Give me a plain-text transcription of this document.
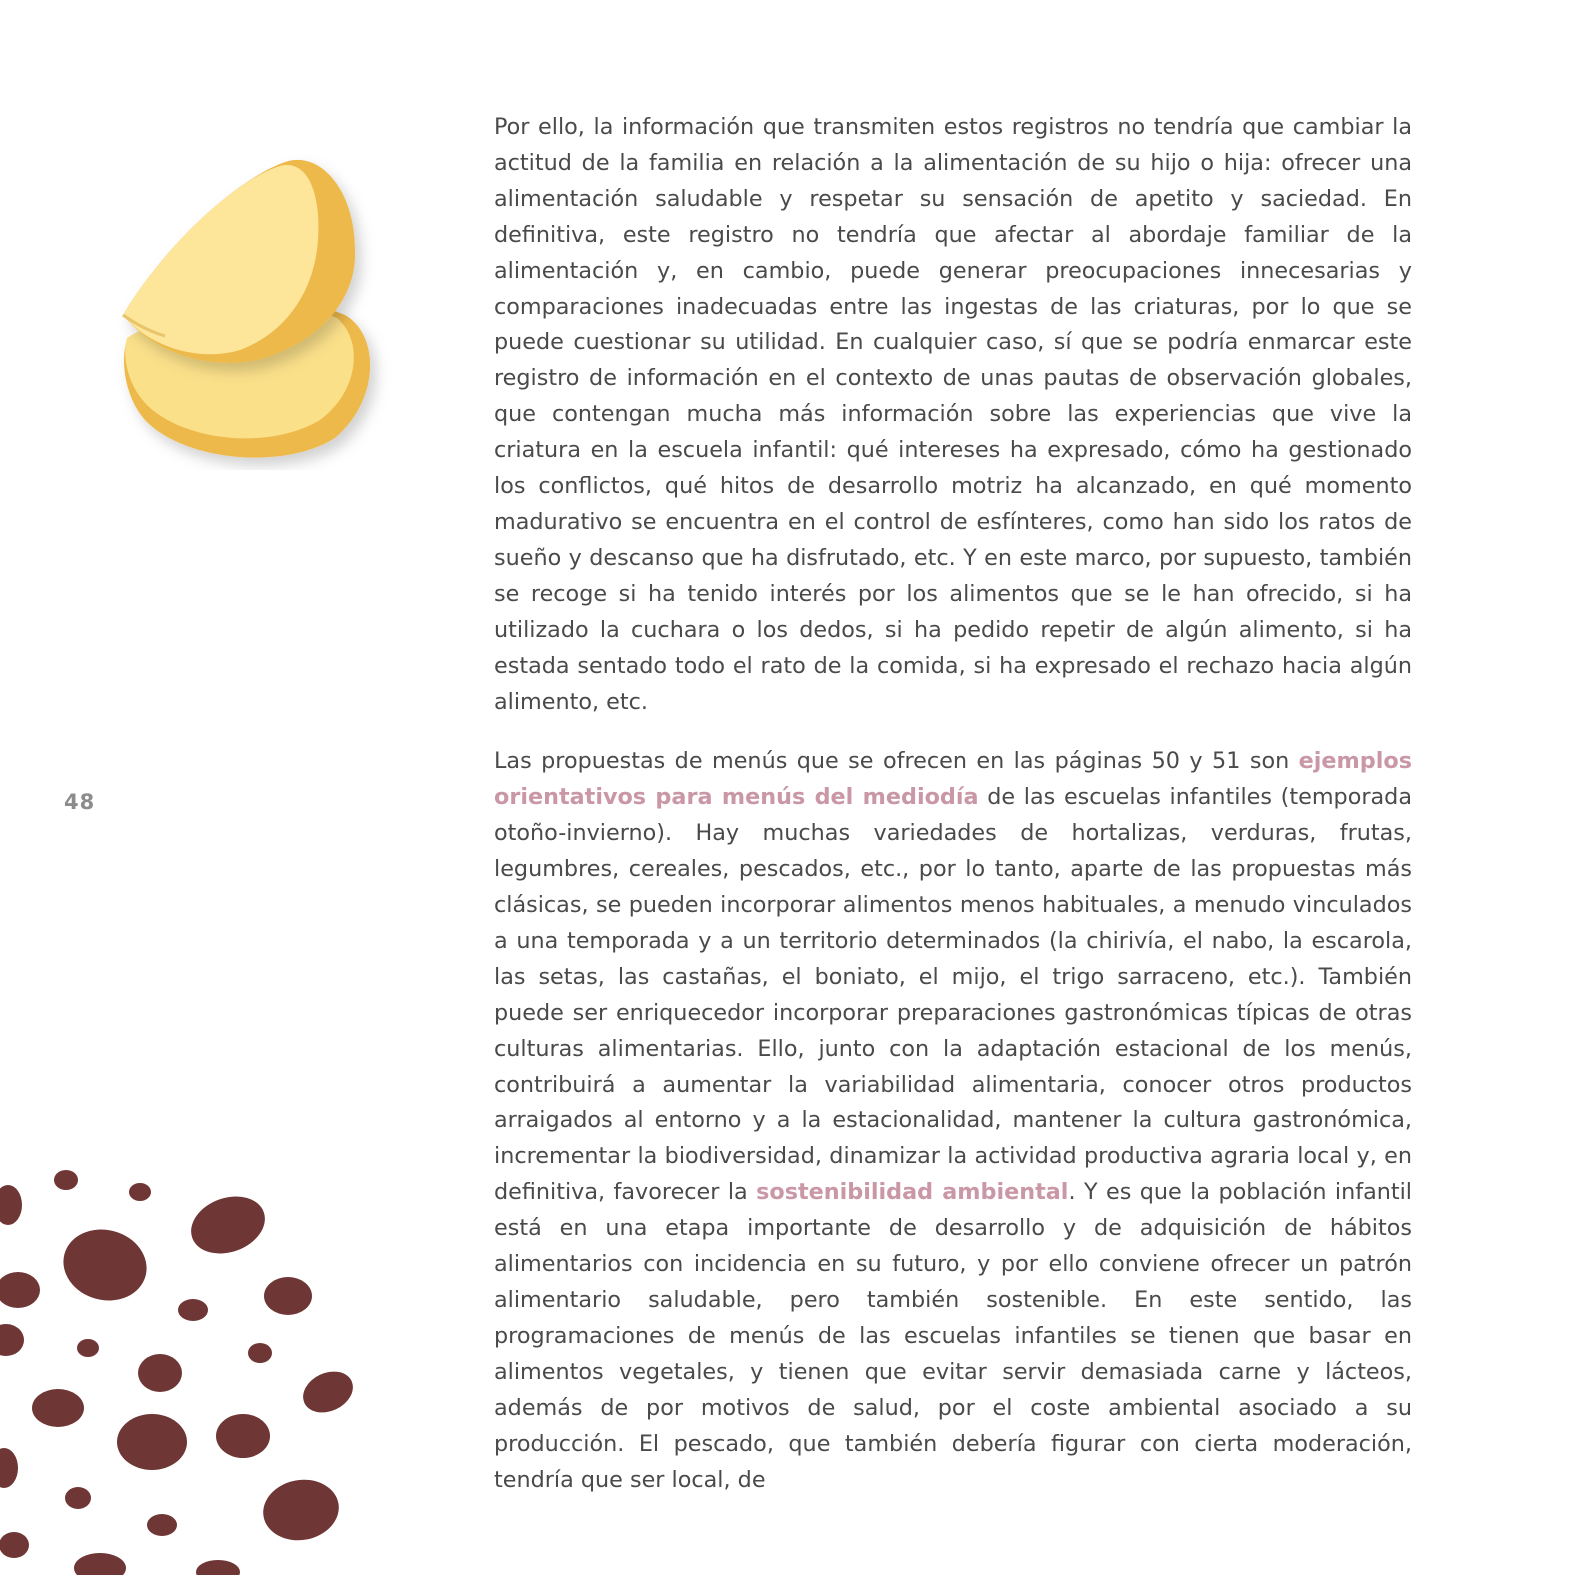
48

Por ello, la información que transmiten estos registros no tendría que cambiar la actitud de la familia en relación a la alimentación de su hijo o hija: ofrecer una alimentación saludable y respetar su sensación de apetito y saciedad. En definitiva, este registro no tendría que afectar al abordaje familiar de la alimentación y, en cambio, puede generar preocupaciones innecesarias y comparaciones inadecuadas entre las ingestas de las criaturas, por lo que se puede cuestionar su utilidad. En cualquier caso, sí que se podría enmarcar este registro de información en el contexto de unas pautas de observación globales, que contengan mucha más información sobre las experiencias que vive la criatura en la escuela infantil: qué intereses ha expresado, cómo ha gestionado los conflictos, qué hitos de desarrollo motriz ha alcanzado, en qué momento madurativo se encuentra en el control de esfínteres, como han sido los ratos de sueño y descanso que ha disfrutado, etc. Y en este marco, por supuesto, también se recoge si ha tenido interés por los alimentos que se le han ofrecido, si ha utilizado la cuchara o los dedos, si ha pedido repetir de algún alimento, si ha estada sentado todo el rato de la comida, si ha expresado el rechazo hacia algún alimento, etc.

Las propuestas de menús que se ofrecen en las páginas 50 y 51 son ejemplos orientativos para menús del mediodía de las escuelas infantiles (temporada otoño-invierno). Hay muchas variedades de hortalizas, verduras, frutas, legumbres, cereales, pescados, etc., por lo tanto, aparte de las propuestas más clásicas, se pueden incorporar alimentos menos habituales, a menudo vinculados a una temporada y a un territorio determinados (la chirivía, el nabo, la escarola, las setas, las castañas, el boniato, el mijo, el trigo sarraceno, etc.). También puede ser enriquecedor incorporar preparaciones gastronómicas típicas de otras culturas alimentarias. Ello, junto con la adaptación estacional de los menús, contribuirá a aumentar la variabilidad alimentaria, conocer otros productos arraigados al entorno y a la estacionalidad, mantener la cultura gastronómica, incrementar la biodiversidad, dinamizar la actividad productiva agraria local y, en definitiva, favorecer la sostenibilidad ambiental. Y es que la población infantil está en una etapa importante de desarrollo y de adquisición de hábitos alimentarios con incidencia en su futuro, y por ello conviene ofrecer un patrón alimentario saludable, pero también sostenible. En este sentido, las programaciones de menús de las escuelas infantiles se tienen que basar en alimentos vegetales, y tienen que evitar servir demasiada carne y lácteos, además de por motivos de salud, por el coste ambiental asociado a su producción. El pescado, que también debería figurar con cierta moderación, tendría que ser local, de
